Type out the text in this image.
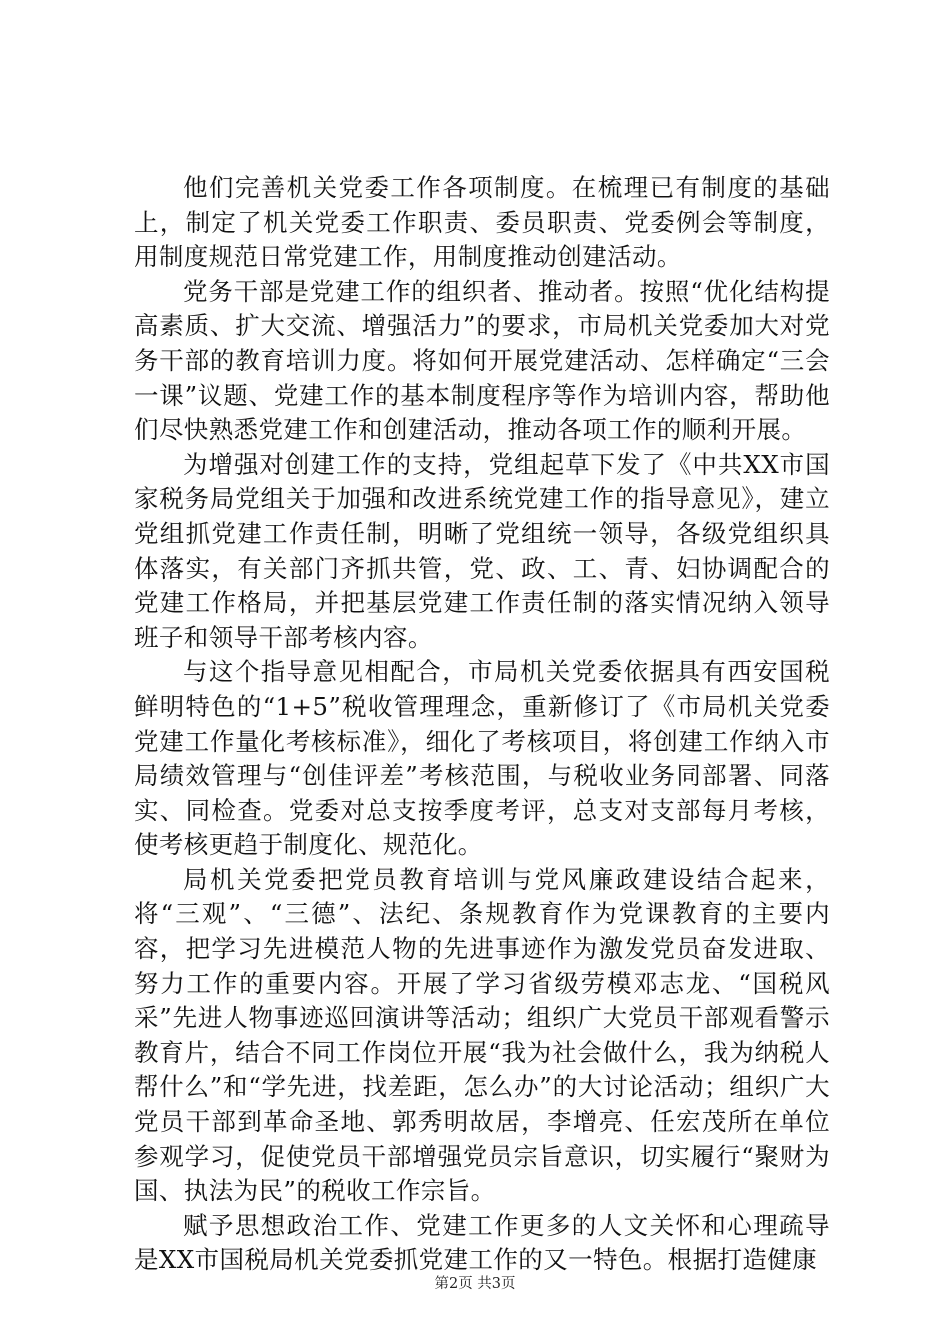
他们完善机关党委工作各项制度。在梳理已有制度的基础上，制定了机关党委工作职责、委员职责、党委例会等制度，用制度规范日常党建工作，用制度推动创建活动。

党务干部是党建工作的组织者、推动者。按照“优化结构提高素质、扩大交流、增强活力”的要求，市局机关党委加大对党务干部的教育培训力度。将如何开展党建活动、怎样确定“三会一课”议题、党建工作的基本制度程序等作为培训内容，帮助他们尽快熟悉党建工作和创建活动，推动各项工作的顺利开展。

为增强对创建工作的支持，党组起草下发了《中共XX市国家税务局党组关于加强和改进系统党建工作的指导意见》，建立党组抓党建工作责任制，明晰了党组统一领导，各级党组织具体落实，有关部门齐抓共管，党、政、工、青、妇协调配合的党建工作格局，并把基层党建工作责任制的落实情况纳入领导班子和领导干部考核内容。

与这个指导意见相配合，市局机关党委依据具有西安国税鲜明特色的“1+5”税收管理理念，重新修订了《市局机关党委党建工作量化考核标准》，细化了考核项目，将创建工作纳入市局绩效管理与“创佳评差”考核范围，与税收业务同部署、同落实、同检查。党委对总支按季度考评，总支对支部每月考核，使考核更趋于制度化、规范化。

局机关党委把党员教育培训与党风廉政建设结合起来，将“三观”、“三德”、法纪、条规教育作为党课教育的主要内容，把学习先进模范人物的先进事迹作为激发党员奋发进取、努力工作的重要内容。开展了学习省级劳模邓志龙、“国税风采”先进人物事迹巡回演讲等活动；组织广大党员干部观看警示教育片，结合不同工作岗位开展“我为社会做什么，我为纳税人帮什么”和“学先进，找差距，怎么办”的大讨论活动；组织广大党员干部到革命圣地、郭秀明故居，李增亮、任宏茂所在单位参观学习，促使党员干部增强党员宗旨意识，切实履行“聚财为国、执法为民”的税收工作宗旨。

赋予思想政治工作、党建工作更多的人文关怀和心理疏导是XX市国税局机关党委抓党建工作的又一特色。根据打造健康

第2页 共3页
